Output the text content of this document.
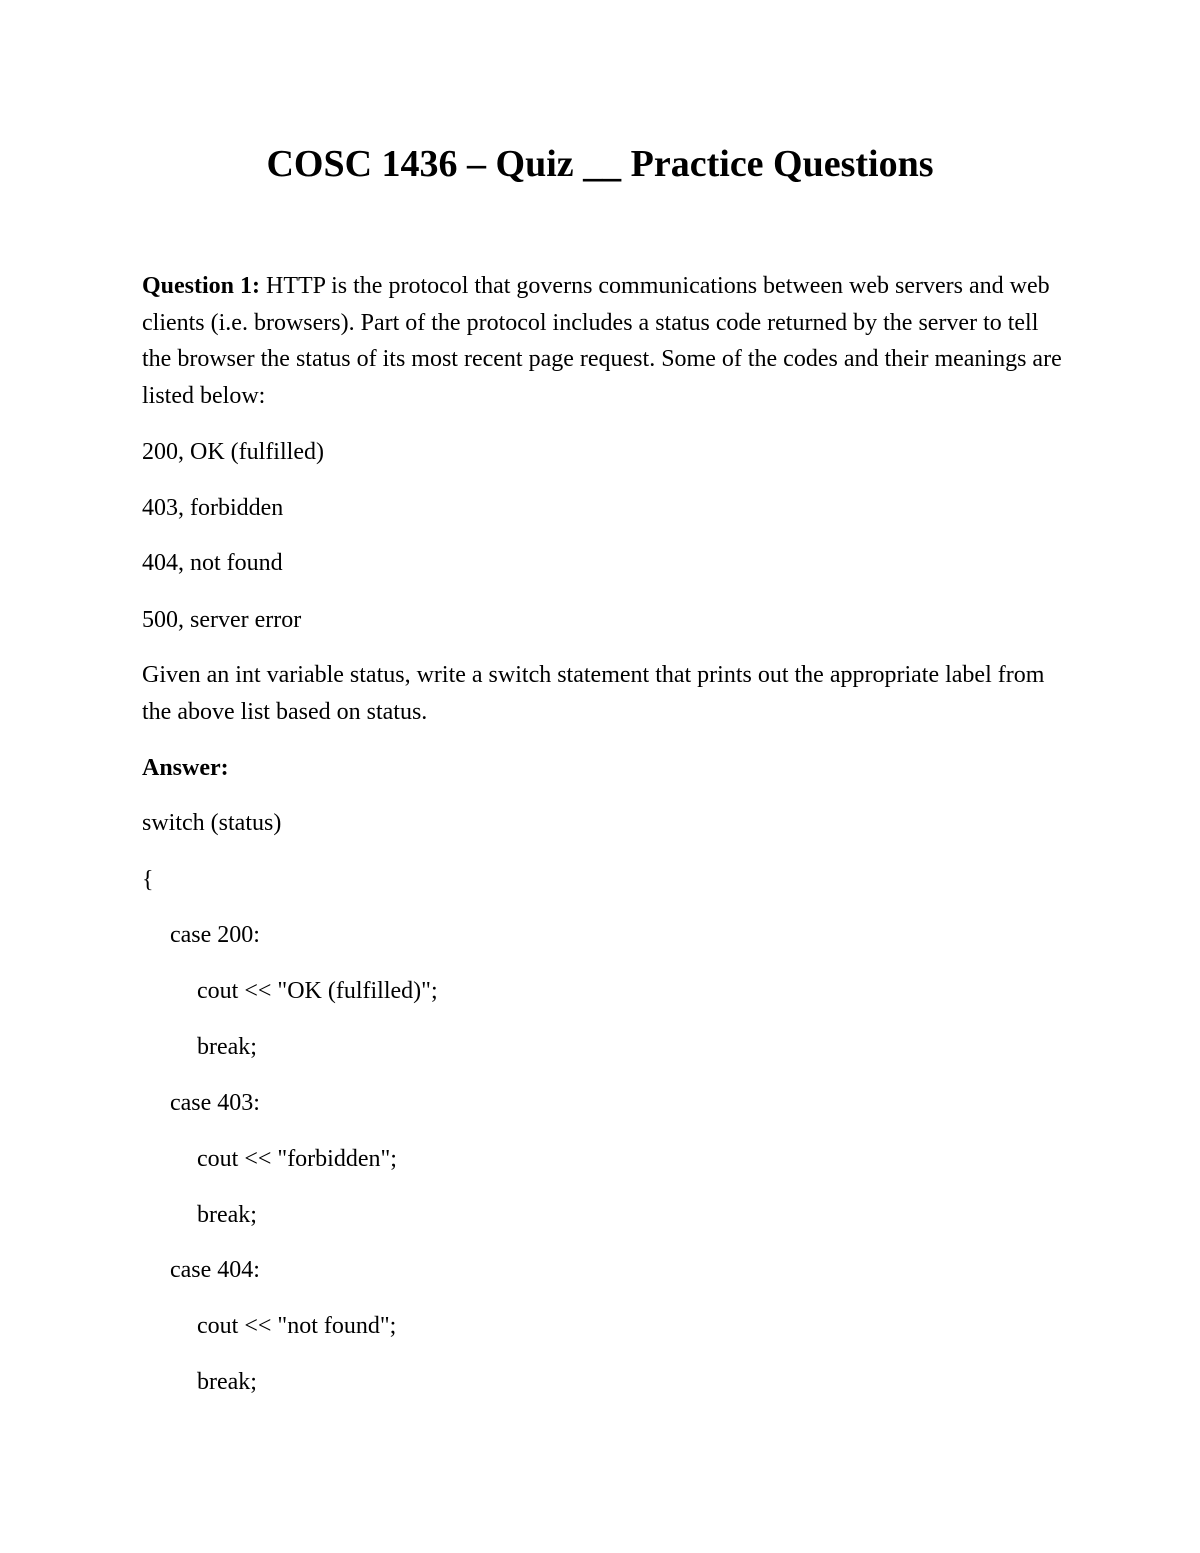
COSC 1436 – Quiz __ Practice Questions
Question 1: HTTP is the protocol that governs communications between web servers and web clients (i.e. browsers). Part of the protocol includes a status code returned by the server to tell the browser the status of its most recent page request. Some of the codes and their meanings are listed below:
200, OK (fulfilled)
403, forbidden
404, not found
500, server error
Given an int variable status, write a switch statement that prints out the appropriate label from the above list based on status.
Answer:
switch (status)
{
case 200:
cout << "OK (fulfilled)";
break;
case 403:
cout << "forbidden";
break;
case 404:
cout << "not found";
break;
